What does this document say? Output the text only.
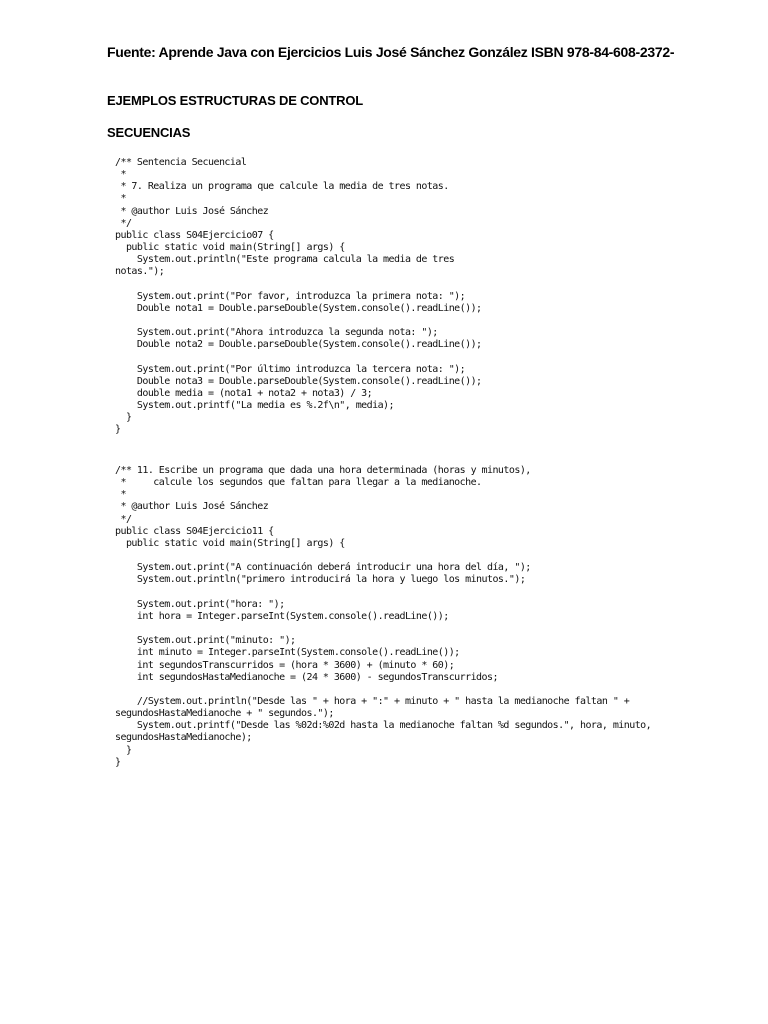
Fuente: Aprende Java con Ejercicios Luis José Sánchez González ISBN 978-84-608-2372-
EJEMPLOS ESTRUCTURAS DE CONTROL
SECUENCIAS
/** Sentencia Secuencial
*
* 7. Realiza un programa que calcule la media de tres notas.
*
* @author Luis José Sánchez
*/
public class S04Ejercicio07 {
public static void main(String[] args) {
System.out.println("Este programa calcula la media de tres
notas.");

System.out.print("Por favor, introduzca la primera nota: ");
Double nota1 = Double.parseDouble(System.console().readLine());

System.out.print("Ahora introduzca la segunda nota: ");
Double nota2 = Double.parseDouble(System.console().readLine());

System.out.print("Por último introduzca la tercera nota: ");
Double nota3 = Double.parseDouble(System.console().readLine());
double media = (nota1 + nota2 + nota3) / 3;
System.out.printf("La media es %.2f\n", media);
}
}
/** 11. Escribe un programa que dada una hora determinada (horas y minutos),
*     calcule los segundos que faltan para llegar a la medianoche.
*
* @author Luis José Sánchez
*/
public class S04Ejercicio11 {
public static void main(String[] args) {

System.out.print("A continuación deberá introducir una hora del día, ");
System.out.println("primero introducirá la hora y luego los minutos.");

System.out.print("hora: ");
int hora = Integer.parseInt(System.console().readLine());

System.out.print("minuto: ");
int minuto = Integer.parseInt(System.console().readLine());
int segundosTranscurridos = (hora * 3600) + (minuto * 60);
int segundosHastaMedianoche = (24 * 3600) - segundosTranscurridos;

//System.out.println("Desde las " + hora + ":" + minuto + " hasta la medianoche faltan " +
segundosHastaMedianoche + " segundos.");
System.out.printf("Desde las %02d:%02d hasta la medianoche faltan %d segundos.", hora, minuto,
segundosHastaMedianoche);
}
}
